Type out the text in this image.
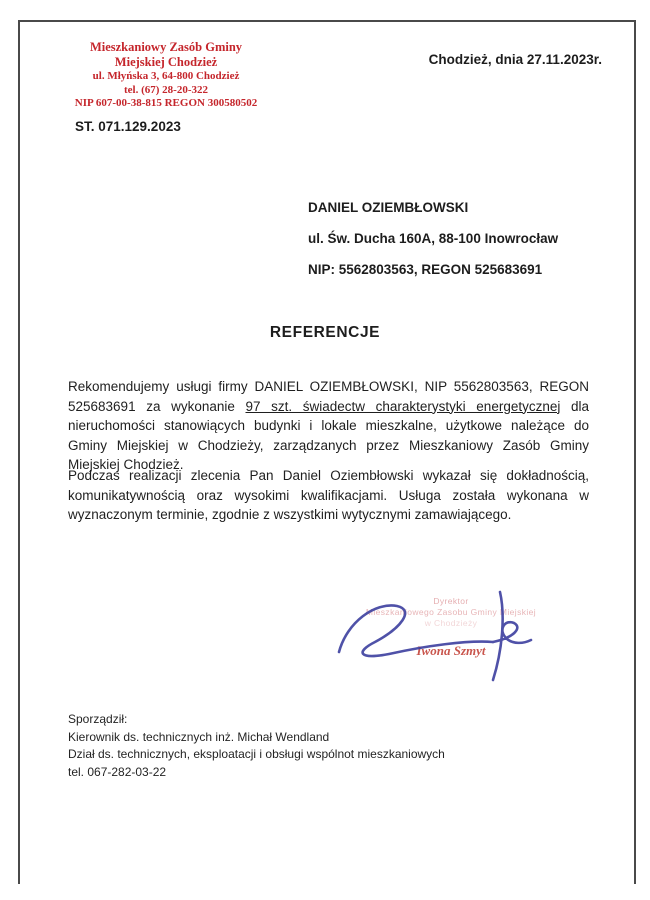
Mieszkaniowy Zasób Gminy
Miejskiej Chodzież
ul. Młyńska 3, 64-800 Chodzież
tel. (67) 28-20-322
NIP 607-00-38-815 REGON 300580502
Chodzież, dnia 27.11.2023r.
ST. 071.129.2023
DANIEL OZIEMBŁOWSKI
ul. Św. Ducha 160A, 88-100 Inowrocław
NIP: 5562803563, REGON 525683691
REFERENCJE

Rekomendujemy usługi firmy DANIEL OZIEMBŁOWSKI, NIP 5562803563, REGON 525683691 za wykonanie 97 szt. świadectw charakterystyki energetycznej dla nieruchomości stanowiących budynki i lokale mieszkalne, użytkowe należące do Gminy Miejskiej w Chodzieży, zarządzanych przez Mieszkaniowy Zasób Gminy Miejskiej Chodzież.

Podczas realizacji zlecenia Pan Daniel Oziembłowski wykazał się dokładnością, komunikatywnością oraz wysokimi kwalifikacjami. Usługa została wykonana w wyznaczonym terminie, zgodnie z wszystkimi wytycznymi zamawiającego.

Dyrektor
Mieszkaniowego Zasobu Gminy Miejskiej
w Chodzieży
Iwona Szmyt
Sporządził:
Kierownik ds. technicznych inż. Michał Wendland
Dział ds. technicznych, eksploatacji i obsługi wspólnot mieszkaniowych
tel. 067-282-03-22
